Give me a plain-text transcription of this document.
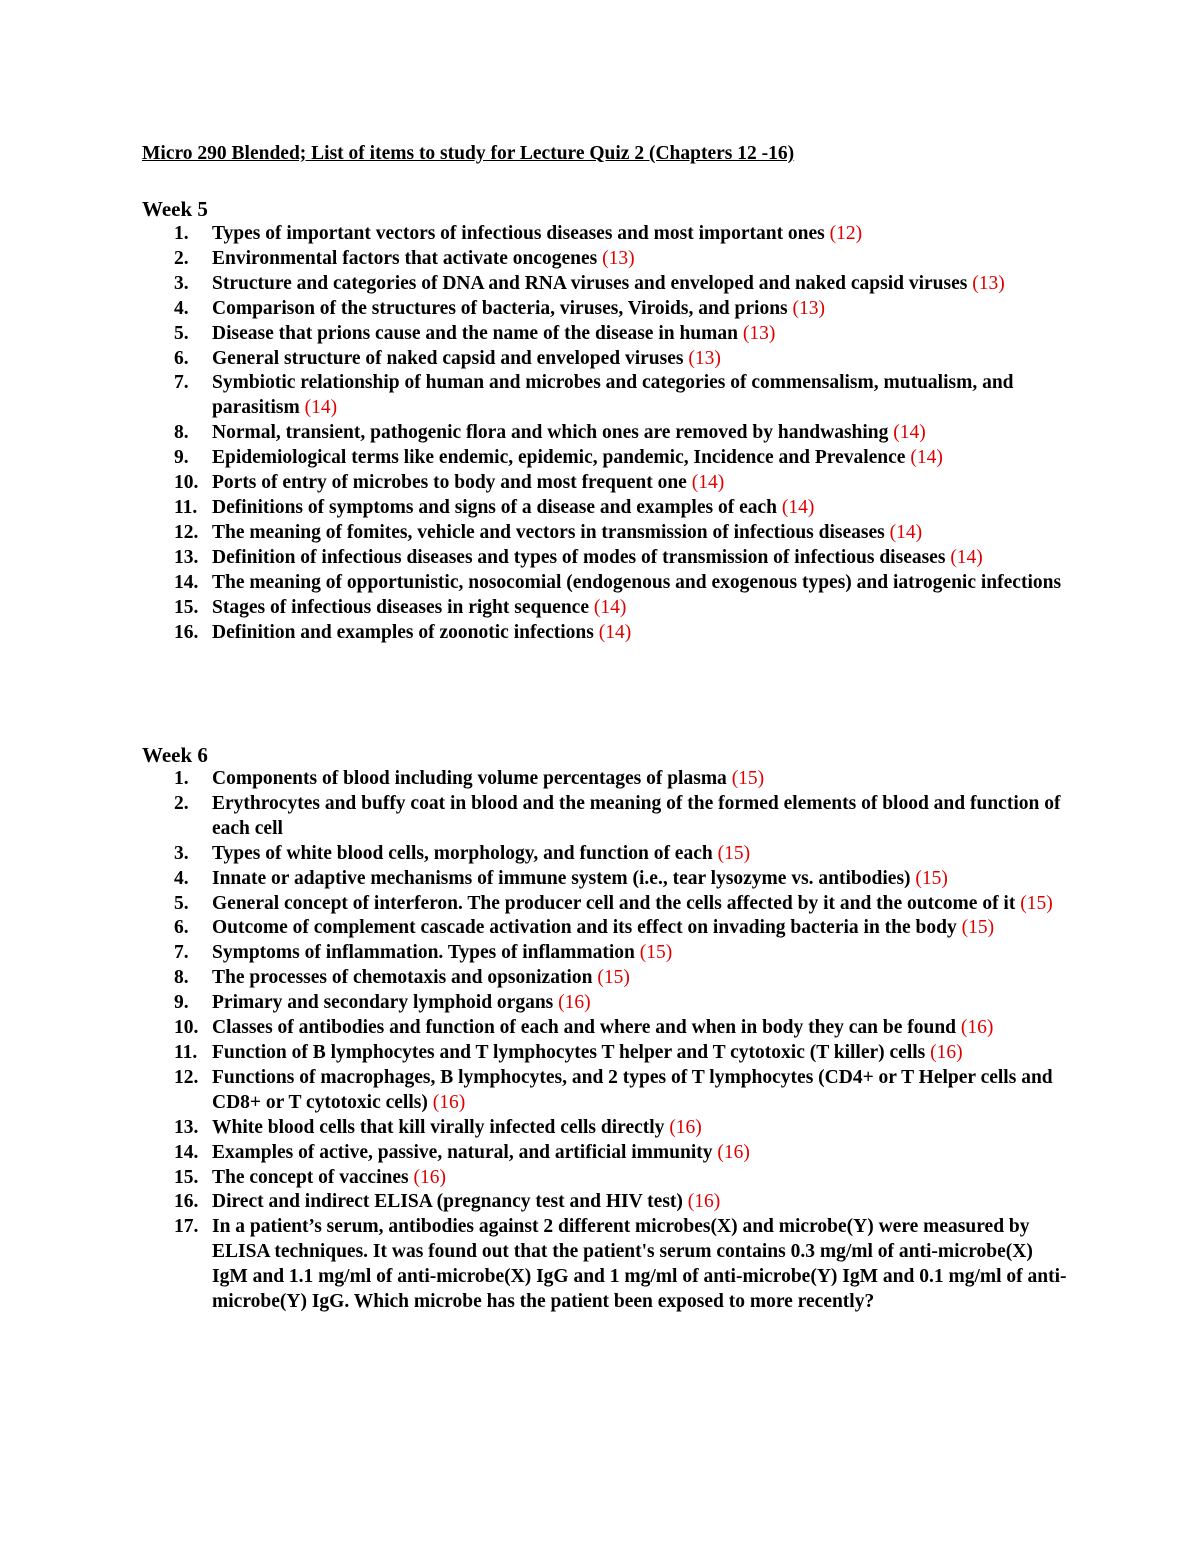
Micro 290 Blended; List of items to study for Lecture Quiz 2 (Chapters 12 -16)
Week 5
1.	Types of important vectors of infectious diseases and most important ones (12)
2.	Environmental factors that activate oncogenes (13)
3.	Structure and categories of DNA and RNA viruses and enveloped and naked capsid viruses (13)
4.	Comparison of the structures of bacteria, viruses, Viroids, and prions (13)
5.	Disease that prions cause and the name of the disease in human (13)
6.	General structure of naked capsid and enveloped viruses (13)
7.	Symbiotic relationship of human and microbes and categories of commensalism, mutualism, and parasitism (14)
8.	Normal, transient, pathogenic flora and which ones are removed by handwashing (14)
9.	Epidemiological terms like endemic, epidemic, pandemic, Incidence and Prevalence (14)
10. Ports of entry of microbes to body and most frequent one (14)
11. Definitions of symptoms and signs of a disease and examples of each (14)
12. The meaning of fomites, vehicle and vectors in transmission of infectious diseases (14)
13. Definition of infectious diseases and types of modes of transmission of infectious diseases (14)
14. The meaning of opportunistic, nosocomial (endogenous and exogenous types) and iatrogenic infections
15. Stages of infectious diseases in right sequence (14)
16. Definition and examples of zoonotic infections (14)
Week 6
1.	Components of blood including volume percentages of plasma (15)
2.	Erythrocytes and buffy coat in blood and the meaning of the formed elements of blood and function of each cell
3.	Types of white blood cells, morphology, and function of each (15)
4.	Innate or adaptive mechanisms of immune system (i.e., tear lysozyme vs. antibodies) (15)
5.	General concept of interferon. The producer cell and the cells affected by it and the outcome of it (15)
6.	Outcome of complement cascade activation and its effect on invading bacteria in the body (15)
7.	Symptoms of inflammation. Types of inflammation (15)
8.	The processes of chemotaxis and opsonization (15)
9.	Primary and secondary lymphoid organs (16)
10. Classes of antibodies and function of each and where and when in body they can be found (16)
11. Function of B lymphocytes and T lymphocytes T helper and T cytotoxic (T killer) cells (16)
12. Functions of macrophages, B lymphocytes, and 2 types of T lymphocytes (CD4+ or T Helper cells and CD8+ or T cytotoxic cells) (16)
13. White blood cells that kill virally infected cells directly (16)
14. Examples of active, passive, natural, and artificial immunity (16)
15. The concept of vaccines (16)
16. Direct and indirect ELISA (pregnancy test and HIV test) (16)
17. In a patient’s serum, antibodies against 2 different microbes(X) and microbe(Y) were measured by ELISA techniques. It was found out that the patient's serum contains 0.3 mg/ml of anti-microbe(X) IgM and 1.1 mg/ml of anti-microbe(X) IgG and 1 mg/ml of anti-microbe(Y) IgM and 0.1 mg/ml of anti-microbe(Y) IgG. Which microbe has the patient been exposed to more recently?
